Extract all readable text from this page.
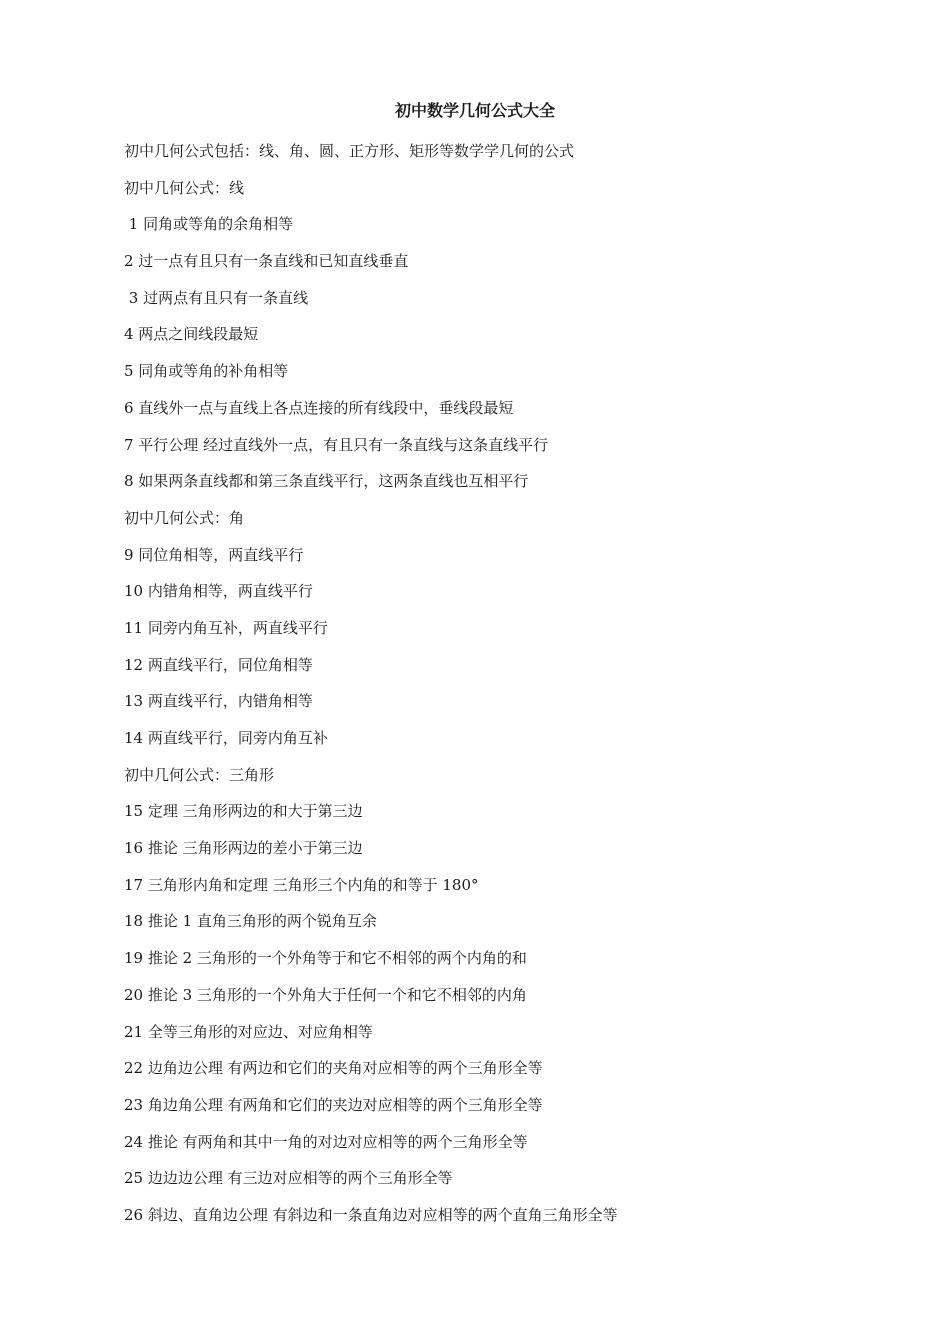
初中数学几何公式大全
初中几何公式包括：线、角、圆、正方形、矩形等数学学几何的公式
初中几何公式：线
1 同角或等角的余角相等
2 过一点有且只有一条直线和已知直线垂直
3 过两点有且只有一条直线
4 两点之间线段最短
5 同角或等角的补角相等
6 直线外一点与直线上各点连接的所有线段中，垂线段最短
7 平行公理 经过直线外一点，有且只有一条直线与这条直线平行
8 如果两条直线都和第三条直线平行，这两条直线也互相平行
初中几何公式：角
9 同位角相等，两直线平行
10 内错角相等，两直线平行
11 同旁内角互补，两直线平行
12 两直线平行，同位角相等
13 两直线平行，内错角相等
14 两直线平行，同旁内角互补
初中几何公式：三角形
15 定理 三角形两边的和大于第三边
16 推论 三角形两边的差小于第三边
17 三角形内角和定理 三角形三个内角的和等于 180°
18 推论 1 直角三角形的两个锐角互余
19 推论 2 三角形的一个外角等于和它不相邻的两个内角的和
20 推论 3 三角形的一个外角大于任何一个和它不相邻的内角
21 全等三角形的对应边、对应角相等
22 边角边公理 有两边和它们的夹角对应相等的两个三角形全等
23 角边角公理 有两角和它们的夹边对应相等的两个三角形全等
24 推论 有两角和其中一角的对边对应相等的两个三角形全等
25 边边边公理 有三边对应相等的两个三角形全等
26 斜边、直角边公理 有斜边和一条直角边对应相等的两个直角三角形全等
